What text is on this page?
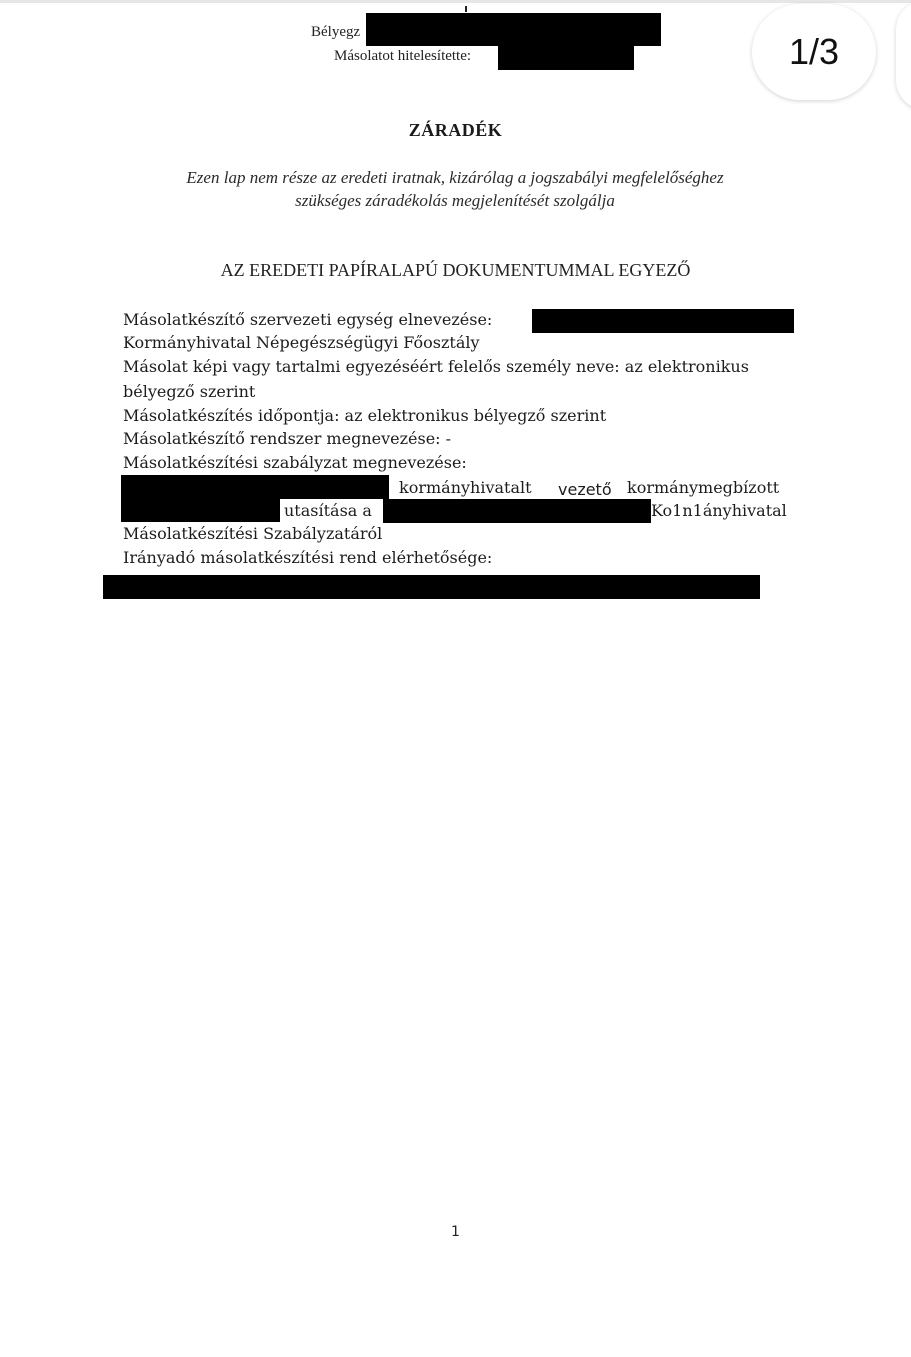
Bélyegz
Másolatot hitelesítette:	1/3
ZÁRADÉK
Ezen lap nem része az eredeti iratnak, kizárólag a jogszabályi megfelelőséghez
szükséges záradékolás megjelenítését szolgálja
AZ EREDETI PAPÍRALAPÚ DOKUMENTUMMAL EGYEZŐ
Másolatkészítő szervezeti egység elnevezése:
Kormányhivatal Népegészségügyi Főosztály
Másolat képi vagy tartalmi egyezéséért felelős személy neve: az elektronikus
bélyegző szerint
Másolatkészítés időpontja: az elektronikus bélyegző szerint
Másolatkészítő rendszer megnevezése: -
Másolatkészítési szabályzat megnevezése:
kormányhivatalt vezető kormánymegbízott
utasítása a	Ko1n1ányhivatal
Másolatkészítési Szabályzatáról
Irányadó másolatkészítési rend elérhetősége:
1
